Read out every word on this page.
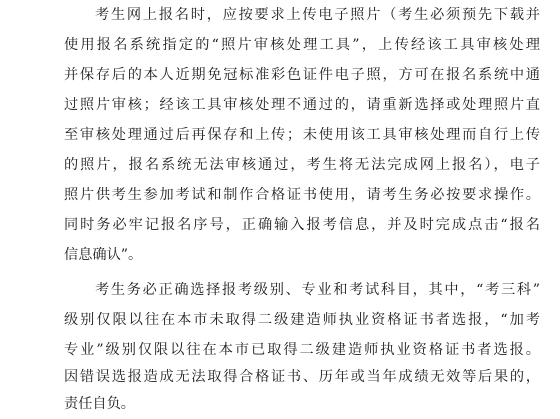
考生网上报名时，应按要求上传电子照片（考生必须预先下载并
使用报名系统指定的“照片审核处理工具”，上传经该工具审核处理
并保存后的本人近期免冠标准彩色证件电子照，方可在报名系统中通
过照片审核；经该工具审核处理不通过的，请重新选择或处理照片直
至审核处理通过后再保存和上传；未使用该工具审核处理而自行上传
的照片，报名系统无法审核通过，考生将无法完成网上报名），电子
照片供考生参加考试和制作合格证书使用，请考生务必按要求操作。
同时务必牢记报名序号，正确输入报考信息，并及时完成点击“报名
信息确认”。
考生务必正确选择报考级别、专业和考试科目，其中，“考三科”
级别仅限以往在本市未取得二级建造师执业资格证书者选报，“加考
专业”级别仅限以往在本市已取得二级建造师执业资格证书者选报。
因错误选报造成无法取得合格证书、历年或当年成绩无效等后果的，
责任自负。
